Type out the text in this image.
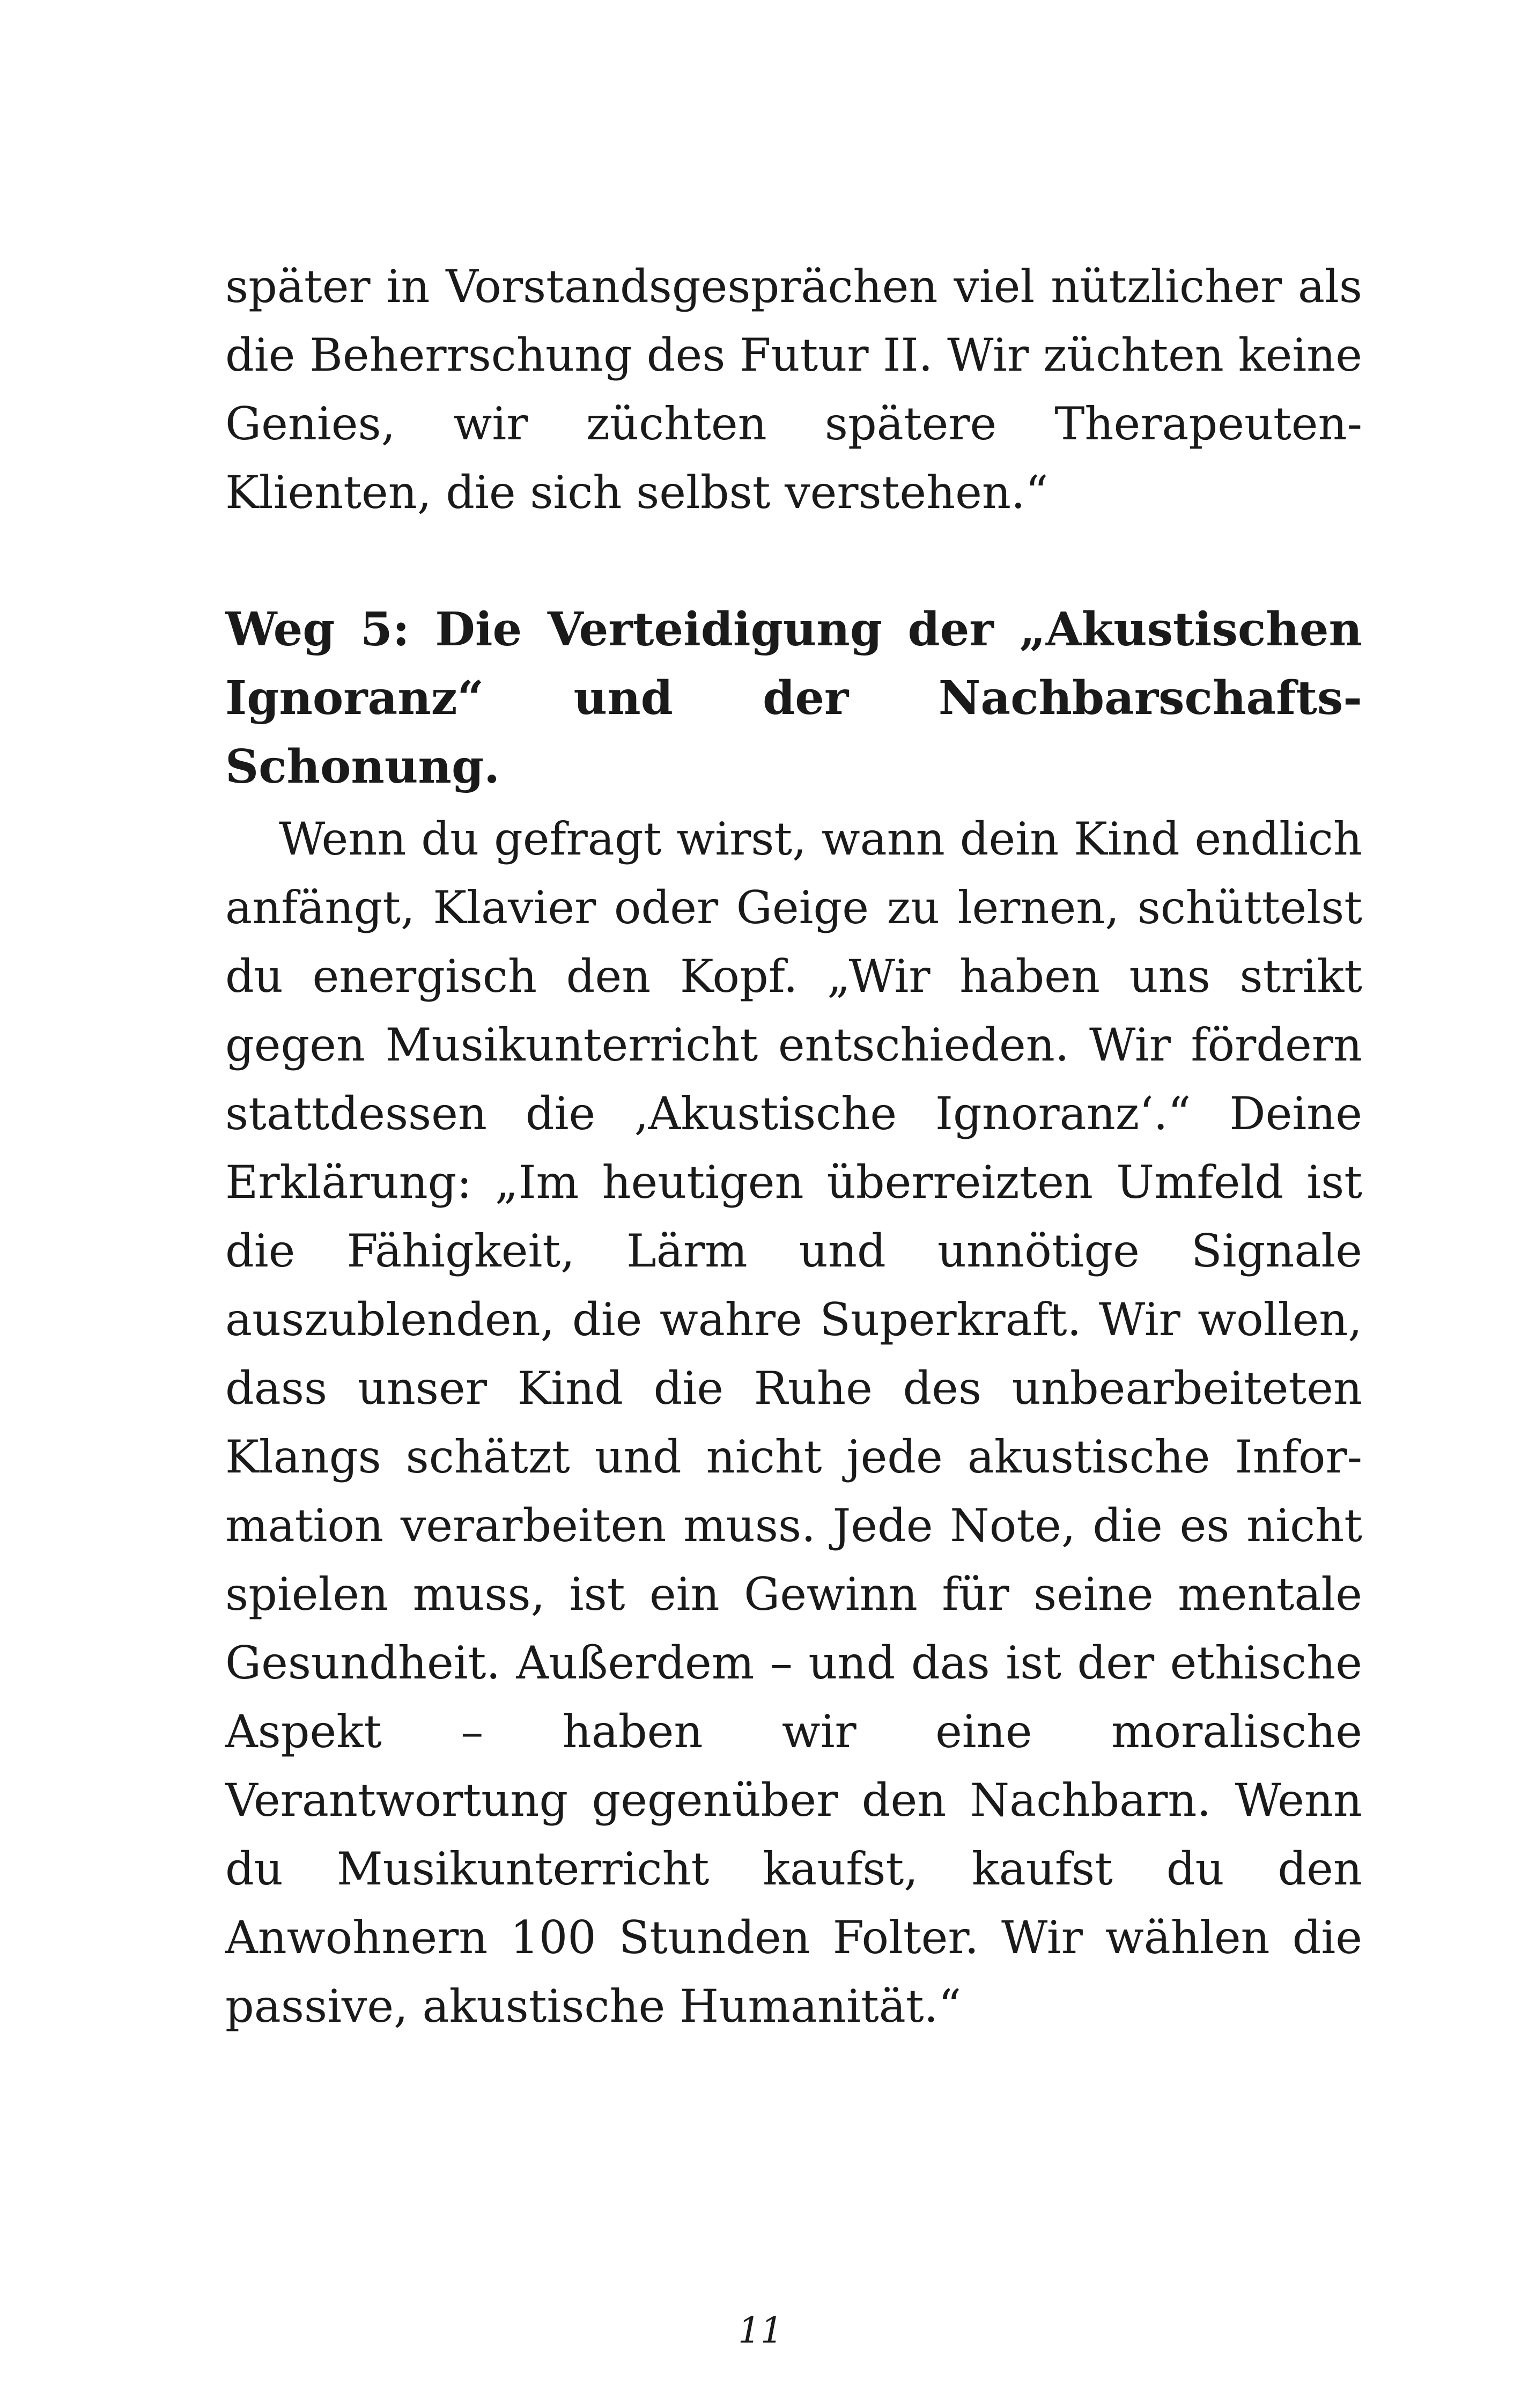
später in Vorstandsgesprächen viel nützlicher als die Beherrschung des Futur II. Wir züchten keine Genies, wir züchten spätere Therapeuten-Klienten, die sich selbst verstehen.“

Weg 5: Die Verteidigung der „Akustischen Ignoranz“ und der Nachbarschafts-Schonung.

Wenn du gefragt wirst, wann dein Kind endlich anfängt, Klavier oder Geige zu lernen, schüttelst du energisch den Kopf. „Wir haben uns strikt gegen Musikunterricht entschieden. Wir fördern stattdessen die ‚Akustische Ignoranz‘.“ Deine Erklärung: „Im heutigen überreizten Umfeld ist die Fähigkeit, Lärm und unnötige Signale auszublenden, die wahre Superkraft. Wir wollen, dass unser Kind die Ruhe des unbearbeiteten Klangs schätzt und nicht jede akustische Information verarbeiten muss. Jede Note, die es nicht spielen muss, ist ein Gewinn für seine mentale Gesundheit. Außerdem – und das ist der ethische Aspekt – haben wir eine moralische Verantwortung gegenüber den Nachbarn. Wenn du Musikunterricht kaufst, kaufst du den Anwohnern 100 Stunden Folter. Wir wählen die passive, akustische Humanität.“

11
